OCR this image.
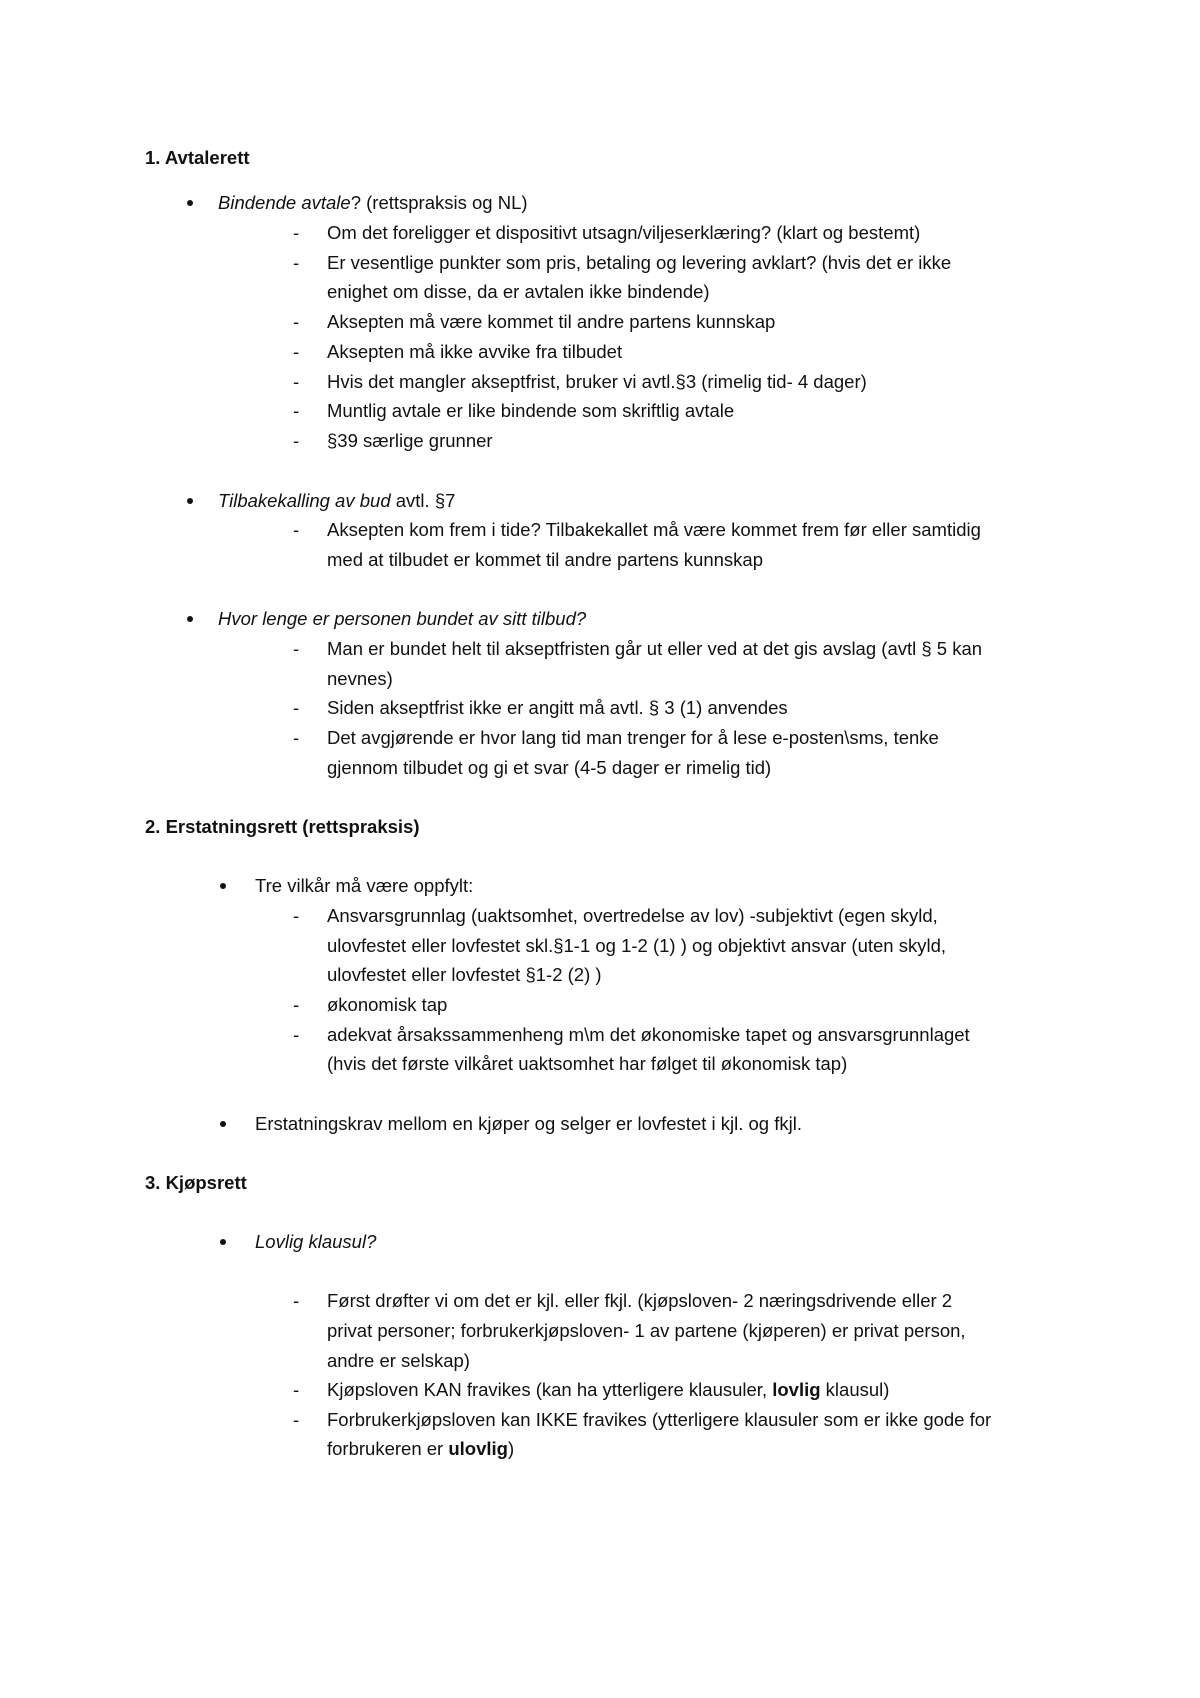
1. Avtalerett
Bindende avtale? (rettspraksis og NL)
- Om det foreligger et dispositivt utsagn/viljeserklæring? (klart og bestemt)
- Er vesentlige punkter som pris, betaling og levering avklart? (hvis det er ikke
enighet om disse, da er avtalen ikke bindende)
- Aksepten må være kommet til andre partens kunnskap
- Aksepten må ikke avvike fra tilbudet
- Hvis det mangler akseptfrist, bruker vi avtl.§3 (rimelig tid- 4 dager)
- Muntlig avtale er like bindende som skriftlig avtale
- §39 særlige grunner
Tilbakekalling av bud avtl. §7
- Aksepten kom frem i tide? Tilbakekallet må være kommet frem før eller samtidig
med at tilbudet er kommet til andre partens kunnskap
Hvor lenge er personen bundet av sitt tilbud?
- Man er bundet helt til akseptfristen går ut eller ved at det gis avslag (avtl § 5 kan
nevnes)
- Siden akseptfrist ikke er angitt må avtl. § 3 (1) anvendes
- Det avgjørende er hvor lang tid man trenger for å lese e-posten\sms, tenke
gjennom tilbudet og gi et svar (4-5 dager er rimelig tid)
2. Erstatningsrett (rettspraksis)
Tre vilkår må være oppfylt:
- Ansvarsgrunnlag (uaktsomhet, overtredelse av lov) -subjektivt (egen skyld,
ulovfestet eller lovfestet skl.§1-1 og 1-2 (1) ) og objektivt ansvar (uten skyld,
ulovfestet eller lovfestet §1-2 (2) )
- økonomisk tap
- adekvat årsakssammenheng m\m det økonomiske tapet og ansvarsgrunnlaget
(hvis det første vilkåret uaktsomhet har følget til økonomisk tap)
Erstatningskrav mellom en kjøper og selger er lovfestet i kjl. og fkjl.
3. Kjøpsrett
Lovlig klausul?
- Først drøfter vi om det er kjl. eller fkjl. (kjøpsloven- 2 næringsdrivende eller 2
privat personer; forbrukerkjøpsloven- 1 av partene (kjøperen) er privat person,
andre er selskap)
- Kjøpsloven KAN fravikes (kan ha ytterligere klausuler, lovlig klausul)
- Forbrukerkjøpsloven kan IKKE fravikes (ytterligere klausuler som er ikke gode for
forbrukeren er ulovlig)
